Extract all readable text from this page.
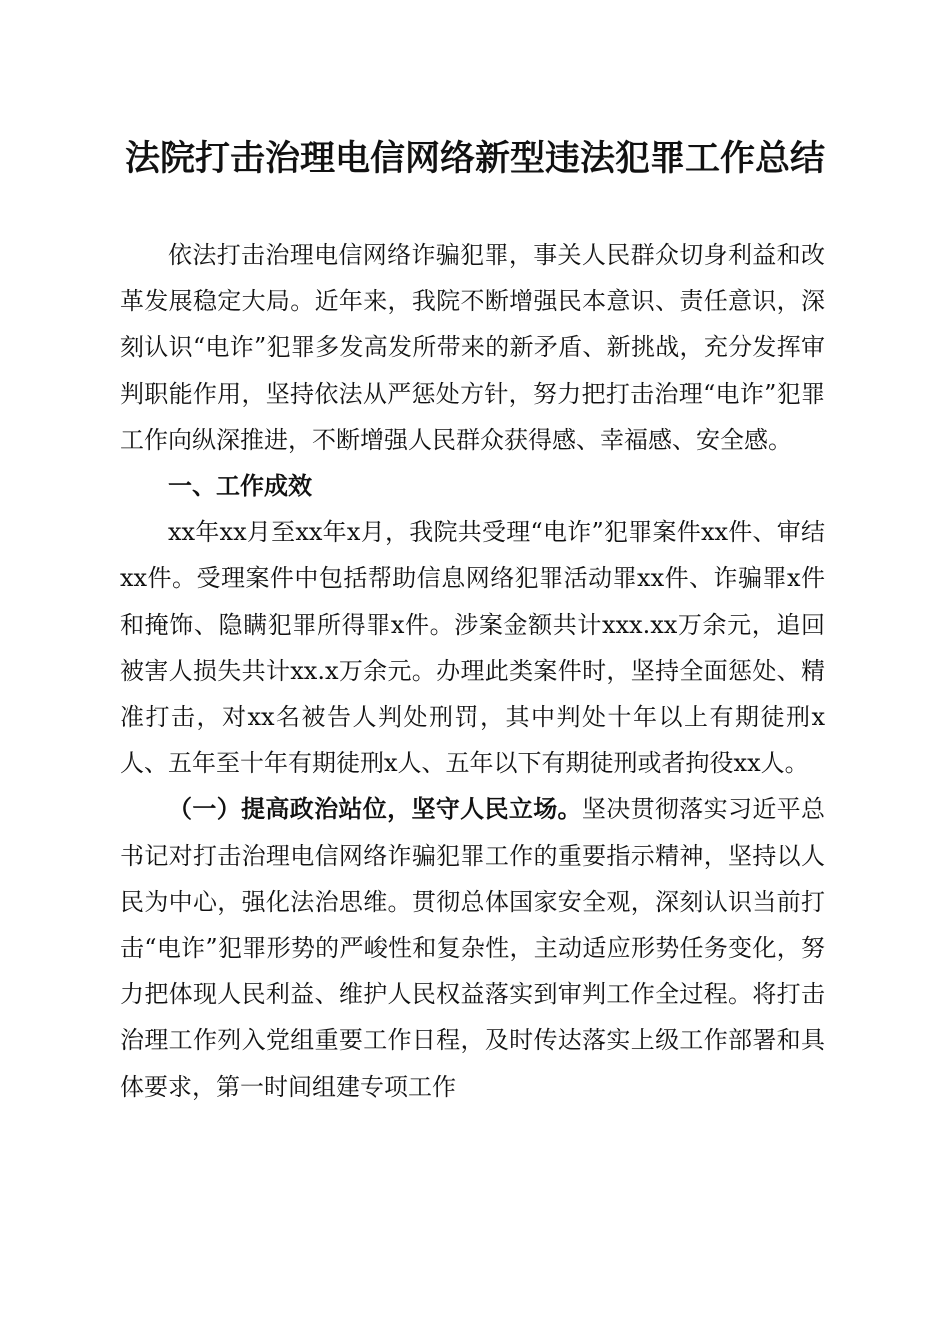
法院打击治理电信网络新型违法犯罪工作总结

依法打击治理电信网络诈骗犯罪，事关人民群众切身利益和改革发展稳定大局。近年来，我院不断增强民本意识、责任意识，深刻认识“电诈”犯罪多发高发所带来的新矛盾、新挑战，充分发挥审判职能作用，坚持依法从严惩处方针，努力把打击治理“电诈”犯罪工作向纵深推进，不断增强人民群众获得感、幸福感、安全感。

一、工作成效

xx年xx月至xx年x月，我院共受理“电诈”犯罪案件xx件、审结xx件。受理案件中包括帮助信息网络犯罪活动罪xx件、诈骗罪x件和掩饰、隐瞒犯罪所得罪x件。涉案金额共计xxx.xx万余元，追回被害人损失共计xx.x万余元。办理此类案件时，坚持全面惩处、精准打击，对xx名被告人判处刑罚，其中判处十年以上有期徒刑x人、五年至十年有期徒刑x人、五年以下有期徒刑或者拘役xx人。

（一）提高政治站位，坚守人民立场。坚决贯彻落实习近平总书记对打击治理电信网络诈骗犯罪工作的重要指示精神，坚持以人民为中心，强化法治思维。贯彻总体国家安全观，深刻认识当前打击“电诈”犯罪形势的严峻性和复杂性，主动适应形势任务变化，努力把体现人民利益、维护人民权益落实到审判工作全过程。将打击治理工作列入党组重要工作日程，及时传达落实上级工作部署和具体要求，第一时间组建专项工作
